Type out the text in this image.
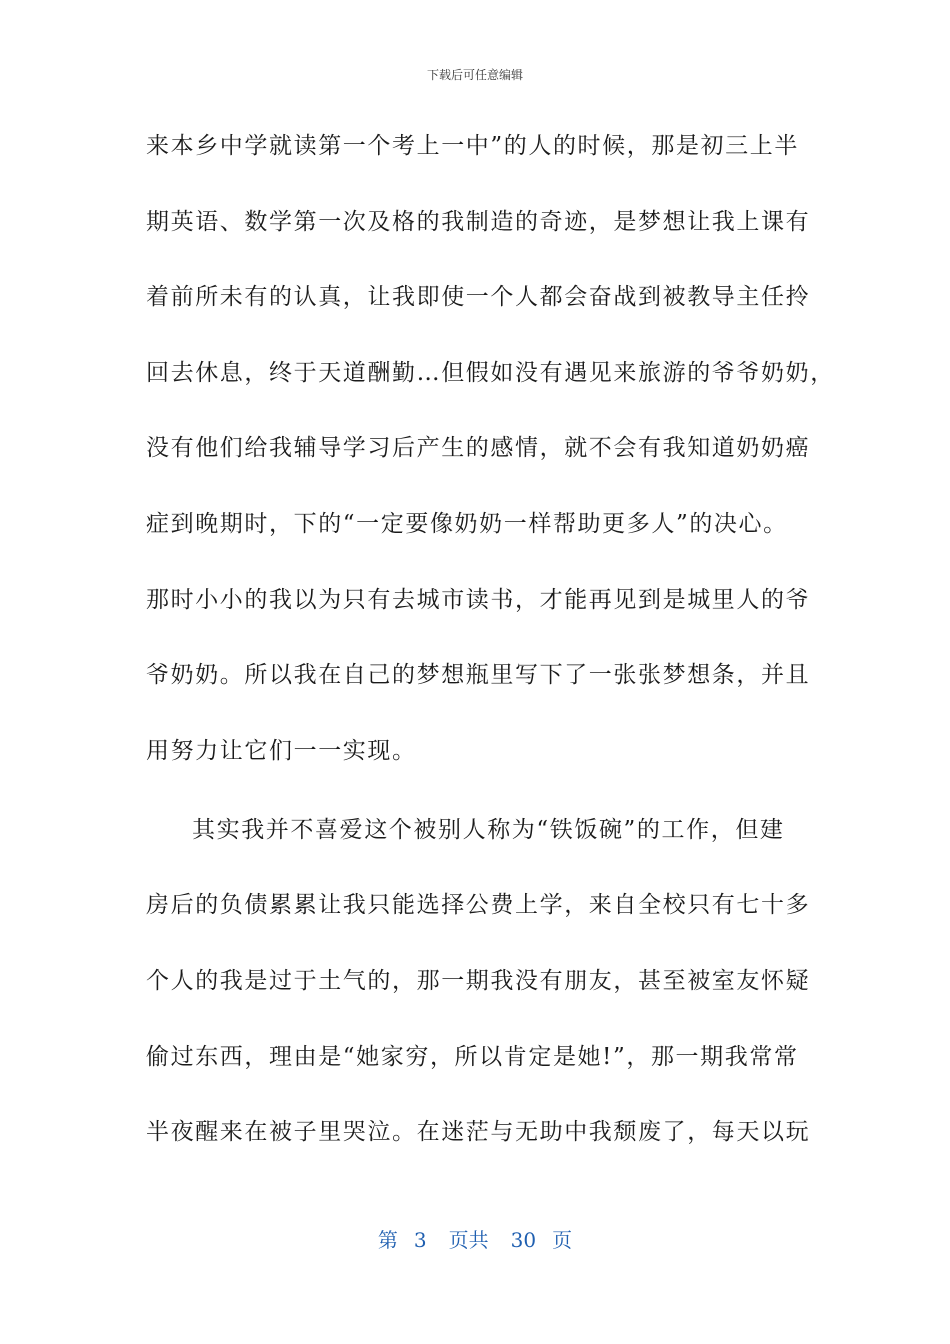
下载后可任意编辑
来本乡中学就读第一个考上一中”的人的时候，那是初三上半
期英语、数学第一次及格的我制造的奇迹，是梦想让我上课有
着前所未有的认真，让我即使一个人都会奋战到被教导主任拎
回去休息，终于天道酬勤…但假如没有遇见来旅游的爷爷奶奶，
没有他们给我辅导学习后产生的感情，就不会有我知道奶奶癌
症到晚期时，下的“一定要像奶奶一样帮助更多人”的决心。
那时小小的我以为只有去城市读书，才能再见到是城里人的爷
爷奶奶。所以我在自己的梦想瓶里写下了一张张梦想条，并且
用努力让它们一一实现。
其实我并不喜爱这个被别人称为“铁饭碗”的工作，但建
房后的负债累累让我只能选择公费上学，来自全校只有七十多
个人的我是过于土气的，那一期我没有朋友，甚至被室友怀疑
偷过东西，理由是“她家穷，所以肯定是她!”，那一期我常常
半夜醒来在被子里哭泣。在迷茫与无助中我颓废了，每天以玩
第 3 页共 30 页
